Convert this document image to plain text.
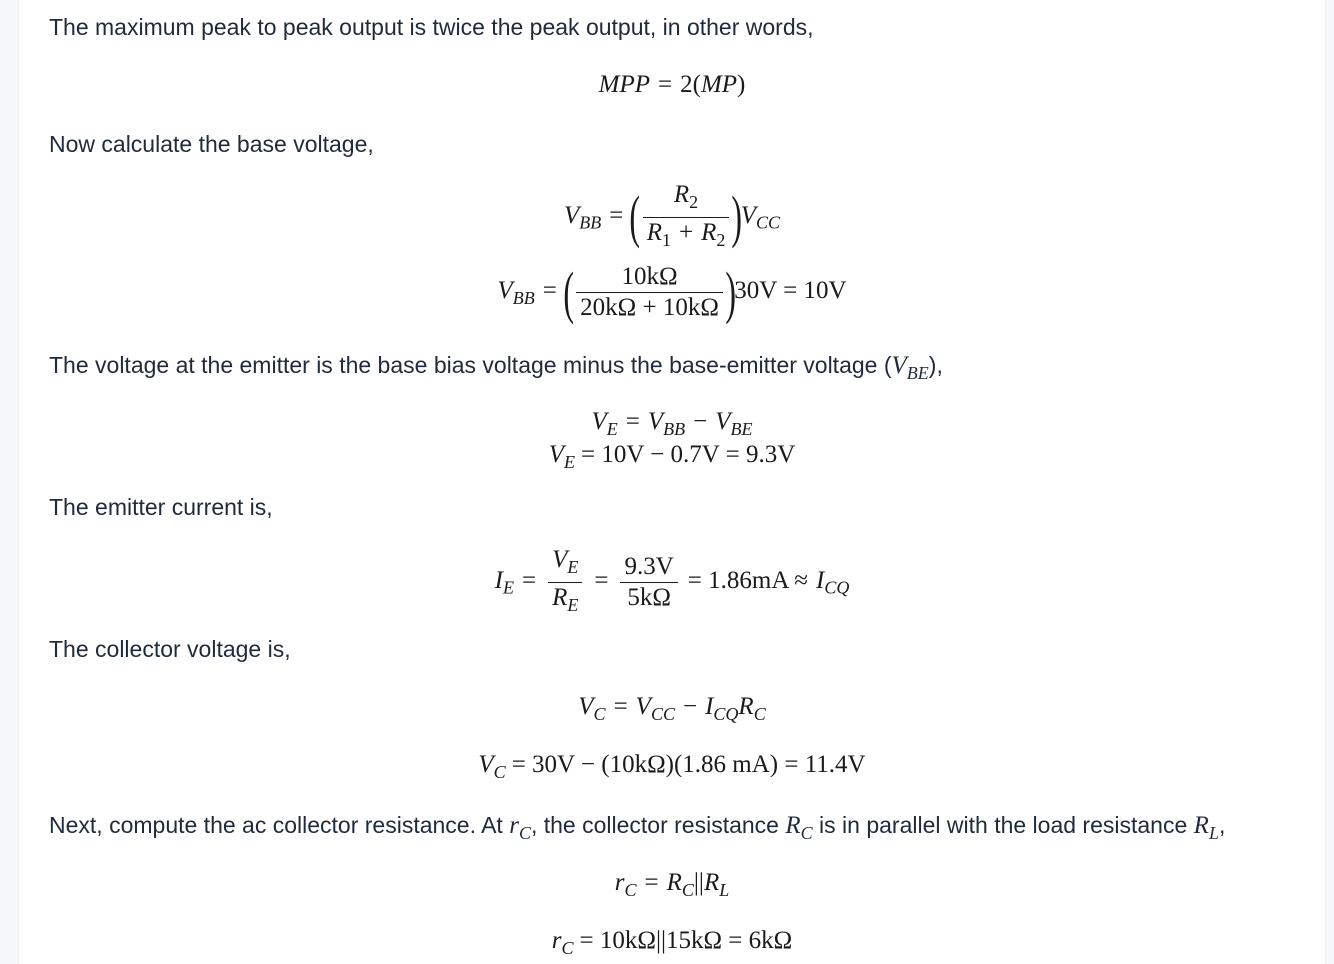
The maximum peak to peak output is twice the peak output, in other words,
MPP = 2(MP)
Now calculate the base voltage,
$V_{BB}$ = ( $\frac{R_2}{R_1 + R_2} )V_{CC}$
$V_{BB}$ = ( $\frac{10k\Omega}{20k\Omega + 10k\Omega} )30V = 10V$
The voltage at the emitter is the base bias voltage minus the base-emitter voltage $(V_{BE})$,
$V_E = V_{BB} - V_{BE}$
$V_E = 10V - 0.7V = 9.3V$
The emitter current is,
$I_E = \frac{V_E}{R_E} = \frac{9.3V}{5k\Omega} = 1.86mA \approx I_{CQ}$
The collector voltage is,
$V_C = V_{CC} - I_{CQ}R_C$
$V_C = 30V - (10k\Omega)(1.86$ mA) = 11.4V
Next, compute the ac collector resistance. At $r_C$, the collector resistance $R_C$ is in parallel with the load resistance $R_L$,
$r_C = R_C||R_L$
$r_C = 10k\Omega||15k\Omega = 6k\Omega$
